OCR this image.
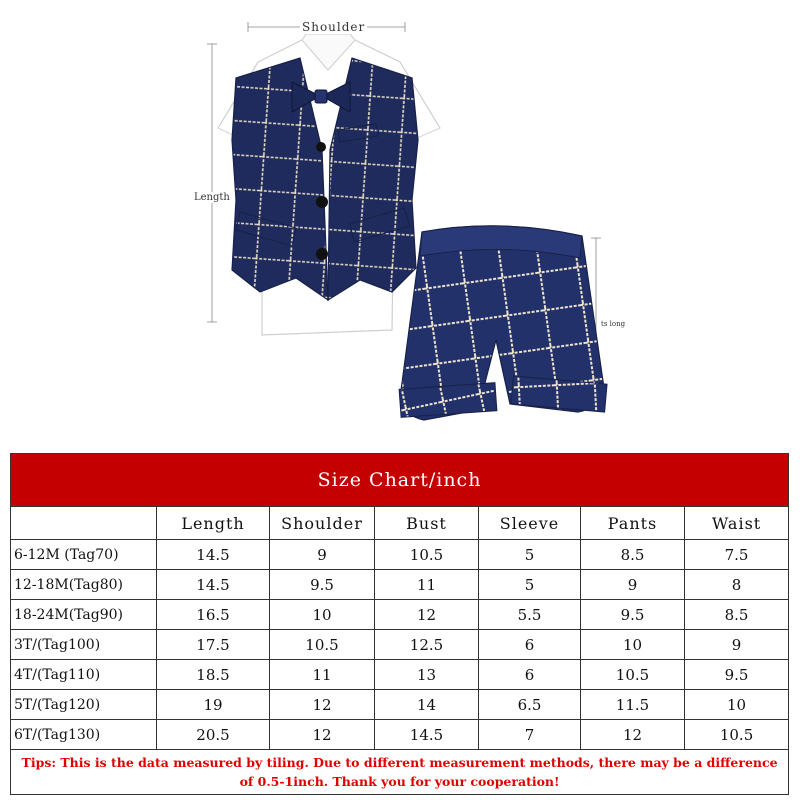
Shoulder
Length
ts long
Size Chart/inch						
	Length	Shoulder	Bust	Sleeve	Pants	Waist
6-12M (Tag70)	14.5	9	10.5	5	8.5	7.5
12-18M(Tag80)	14.5	9.5	11	5	9	8
18-24M(Tag90)	16.5	10	12	5.5	9.5	8.5
3T/(Tag100)	17.5	10.5	12.5	6	10	9
4T/(Tag110)	18.5	11	13	6	10.5	9.5
5T/(Tag120)	19	12	14	6.5	11.5	10
6T/(Tag130)	20.5	12	14.5	7	12	10.5
Tips: This is the data measured by tiling. Due to different measurement methods, there may be a difference of 0.5-1inch. Thank you for your cooperation!						
